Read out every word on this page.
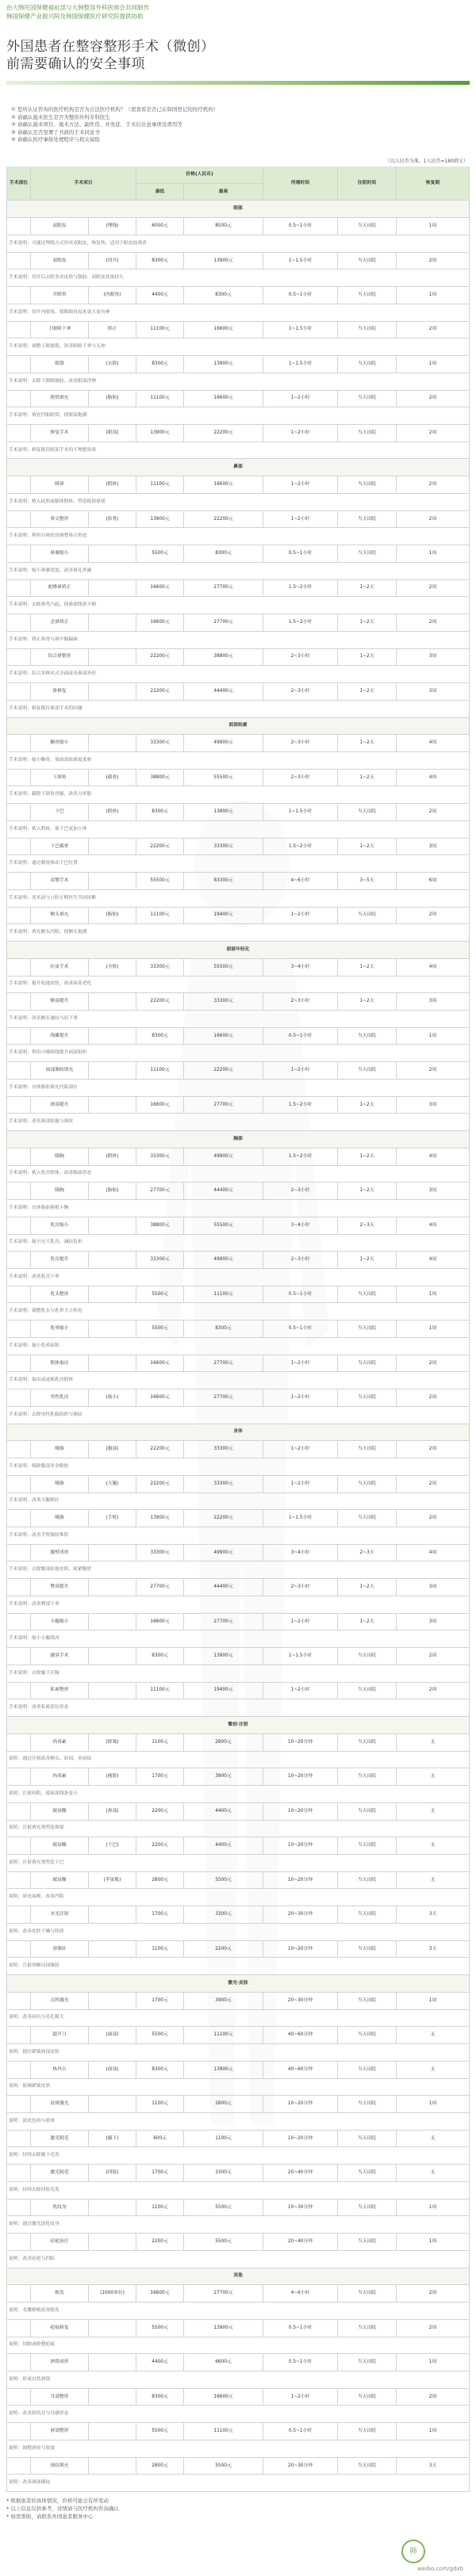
由大韩民国保健福祉部与大韩整容外科医师会共同制作
韩国保健产业振兴院及韩国保健医疗研究院提供协助
外国患者在整容整形手术（微创）
前需要确认的安全事项
① 您所认证咨询的医疗机构是否为合法医疗机构？（需查看是否已在韩国登记的医疗机构）
② 请确认施术医生是否为整形外科专科医生
③ 请确认施术项目、施术方法、副作用、并发症、手术后注意事项及费用等
④ 请确认是否签署了书面的手术同意书
⑤ 请确认医疗事故处理程序与相关保险
（以人民币为准，1人民币=180韩元）
手术部位	手术项目
价格(人民币)
所需时间	住院时间	恢复期
最低	最高
眼部
双眼皮	(埋线)	6000元	8500元	0.5~1小时	当天出院	1周
手术说明：可通过埋线方式形成双眼皮，恢复快，适用于眼皮较薄者
双眼皮	(切开)	8300元	13900元	1~1.5小时	当天出院	2周
手术说明：切开后去除多余皮肤与脂肪，双眼皮效果持久
开眼角	(内眼角)	4400元	8300元	0.5~1小时	当天出院	1周
手术说明：切开内眼角，使眼睛看起来更大更有神
上眼睑下垂	矫正	11100元	16600元	1~1.5小时	当天出院	2周
手术说明：调整上睑提肌，改善眼睑下垂与无神
眼袋	(去除)	8300元	13900元	1~1.5小时	当天出院	1周
手术说明：去除下眼睑脂肪，改善眼部浮肿
眼窝填充	(脂肪)	11100元	16600元	1~2小时	当天出院	2周
手术说明：填充凹陷眼窝，使眼部饱满
修复手术	(眼部)	13900元	22200元	1~2小时	当天出院	2周
手术说明：修复既往眼部手术的不理想效果
鼻部
隆鼻	(假体)	11100元	16600元	1~2小时	当天出院	2周
手术说明：植入硅胶或膨体假体，塑造挺拔鼻梁
鼻尖整形	(软骨)	13900元	22200元	1~2小时	当天出院	2周
手术说明：利用自体软骨调整鼻尖形态
鼻翼缩小	5500元	8300元	0.5~1小时	当天出院	1周
手术说明：缩小鼻翼宽度，改善鼻孔外露
驼峰鼻矫正	16600元	27700元	1.5~2小时	1~2天	2周
手术说明：去除鼻背凸起，使鼻梁线条平顺
歪鼻矫正	16600元	27700元	1.5~2小时	1~2天	2周
手术说明：矫正鼻骨与鼻中隔偏曲
综合鼻整形	22200元	38800元	2~3小时	1~2天	3周
手术说明：结合多种术式全面改善鼻部外形
鼻修复	22200元	44400元	2~3小时	1~2天	3周
手术说明：修复既往鼻部手术的问题
面部轮廓
颧骨缩小	33300元	49900元	2~3小时	1~2天	4周
手术说明：缩小颧骨，使面部轮廓更柔和
下颌角	(截骨)	38800元	55500元	2~3小时	1~2天	4周
手术说明：截除下颌角骨骼，改善方形脸
下巴	(假体)	8300元	13900元	1~1.5小时	当天出院	2周
手术说明：植入假体，使下巴更加立体
下巴截骨	22200元	33300元	1.5~2小时	1~2天	3周
手术说明：通过截骨移动下巴位置
双颚手术	55500元	83300元	4~6小时	3~5天	6周
手术说明：需术前与口腔正畸医生共同诊断
额头填充	(脂肪)	11100元	19400元	1~2小时	当天出院	2周
手术说明：填充额头凹陷，使额头饱满
面部年轻化
拉皮手术	(全脸)	33300元	55500元	3~4小时	1~2天	4周
手术说明：提升松弛皮肤，改善面部老化
额部提升	22200元	33300元	2~3小时	1~2天	3周
手术说明：改善额头皱纹与眉下垂
线雕提升	8300元	16600元	0.5~1小时	当天出院	1周
手术说明：利用可吸收线提升面部组织
面部脂肪填充	11100元	22200元	1~2小时	当天出院	2周
手术说明：自体脂肪填充凹陷部位
颈部提升	16600元	27700元	1.5~2小时	1~2天	3周
手术说明：改善颈部松弛与颈纹
胸部
隆胸	(假体)	33300元	49900元	1.5~2小时	1~2天	4周
手术说明：植入乳房假体，改善胸部形态
隆胸	(脂肪)	27700元	44400元	2~3小时	1~2天	3周
手术说明：自体脂肪移植丰胸
乳房缩小	38800元	55500元	3~4小时	2~3天	4周
手术说明：缩小过大乳房，减轻负担
乳房提升	33300元	49900元	2~3小时	1~2天	4周
手术说明：改善乳房下垂
乳头整形	5500元	11100元	0.5~1小时	当天出院	1周
手术说明：调整乳头与乳晕大小形态
乳晕缩小	5500元	8300元	0.5~1小时	当天出院	1周
手术说明：缩小乳晕面积
假体取出	16600元	27700元	1~2小时	当天出院	2周
手术说明：取出或更换乳房假体
男性乳房	(缩小)	16600元	27700元	1~2小时	当天出院	2周
手术说明：去除男性乳腺组织与脂肪
身体
吸脂	(腹部)	22200元	33300元	1~2小时	当天出院	2周
手术说明：吸除腹部多余脂肪
吸脂	(大腿)	22200元	33300元	1~2小时	当天出院	2周
手术说明：改善大腿粗壮
吸脂	(手臂)	13900元	22200元	1~1.5小时	当天出院	2周
手术说明：改善手臂脂肪堆积
腹壁成形	33300元	49900元	3~4小时	2~3天	4周
手术说明：去除腹部松弛皮肤，收紧腹壁
臀部提升	27700元	44400元	2~3小时	1~2天	3周
手术说明：改善臀部下垂
小腿缩小	16600元	27700元	1~2小时	1~2天	3周
手术说明：缩小小腿肌肉
腋臭手术	8300元	13900元	1~1.5小时	当天出院	2周
手术说明：去除腋下汗腺
私密整形	11100元	19400元	1~2小时	当天出院	2周
手术说明：改善私密部位形态
微创·注射
肉毒素	(除皱)	1100元	2800元	10~20分钟	当天出院	无
说明：通过注射改善额头、眉间、鱼尾纹
肉毒素	(瘦脸)	1700元	3900元	10~20分钟	当天出院	无
说明：注射咬肌，使面部线条变小
玻尿酸	(鼻部)	2200元	4400元	10~20分钟	当天出院	无
说明：注射填充剂塑造鼻梁
玻尿酸	(下巴)	2200元	4400元	10~20分钟	当天出院	无
说明：注射填充剂塑造下巴
玻尿酸	(苹果肌)	2800元	5500元	10~20分钟	当天出院	无
说明：填充面颊，改善凹陷
水光注射	1700元	3300元	20~30分钟	当天出院	3天
说明：改善皮肤干燥与肤质
溶脂针	1100元	2200元	10~20分钟	当天出院	3天
说明：注射溶解局部脂肪
激光·皮肤
点阵激光	1700元	3900元	20~30分钟	当天出院	1周
说明：改善痘坑与毛孔粗大
超声刀	(面部)	5500元	11100元	40~60分钟	当天出院	无
说明：提拉紧致面部皮肤
热玛吉	(面部)	8300元	13900元	40~60分钟	当天出院	无
说明：射频紧致皮肤
祛斑激光	1100元	2800元	10~20分钟	当天出院	1周
说明：淡化色斑与雀斑
激光脱毛	(腋下)	600元	1100元	10~20分钟	当天出院	无
说明：持续去除腋下毛发
激光脱毛	(四肢)	1700元	3300元	20~40分钟	当天出院	无
说明：持续去除四肢毛发
洗纹身	1100元	5500元	10~30分钟	当天出院	1周
说明：通过激光淡化纹身
痘疤治疗	2200元	5500元	20~40分钟	当天出院	1周
说明：改善痘疤与凹陷
其他
植发	(1000单位)	16600元	27700元	4~6小时	当天出院	2周
说明：毛囊移植改善脱发
疤痕修复	5500元	13900元	0.5~1小时	当天出院	2周
说明：切除或修整疤痕
酒窝成形	4400元	6600元	0.5~1小时	当天出院	1周
说明：形成自然酒窝
耳部整形	8300元	16600元	1~2小时	当天出院	2周
说明：改善招风耳与耳廓形态
唇部整形	5500元	11100元	0.5~1小时	当天出院	1周
说明：调整唇形与厚度
颈纹填充	2800元	5500元	20~30分钟	当天出院	3天
说明：改善颈部横纹
* 根据患者的具体情况，价格可能会有所变动
* 以上信息仅供参考，详情请与医疗机构咨询确认
* 如需帮助，请联系外国患者服务中心
韩
weibo.com/gdxb
